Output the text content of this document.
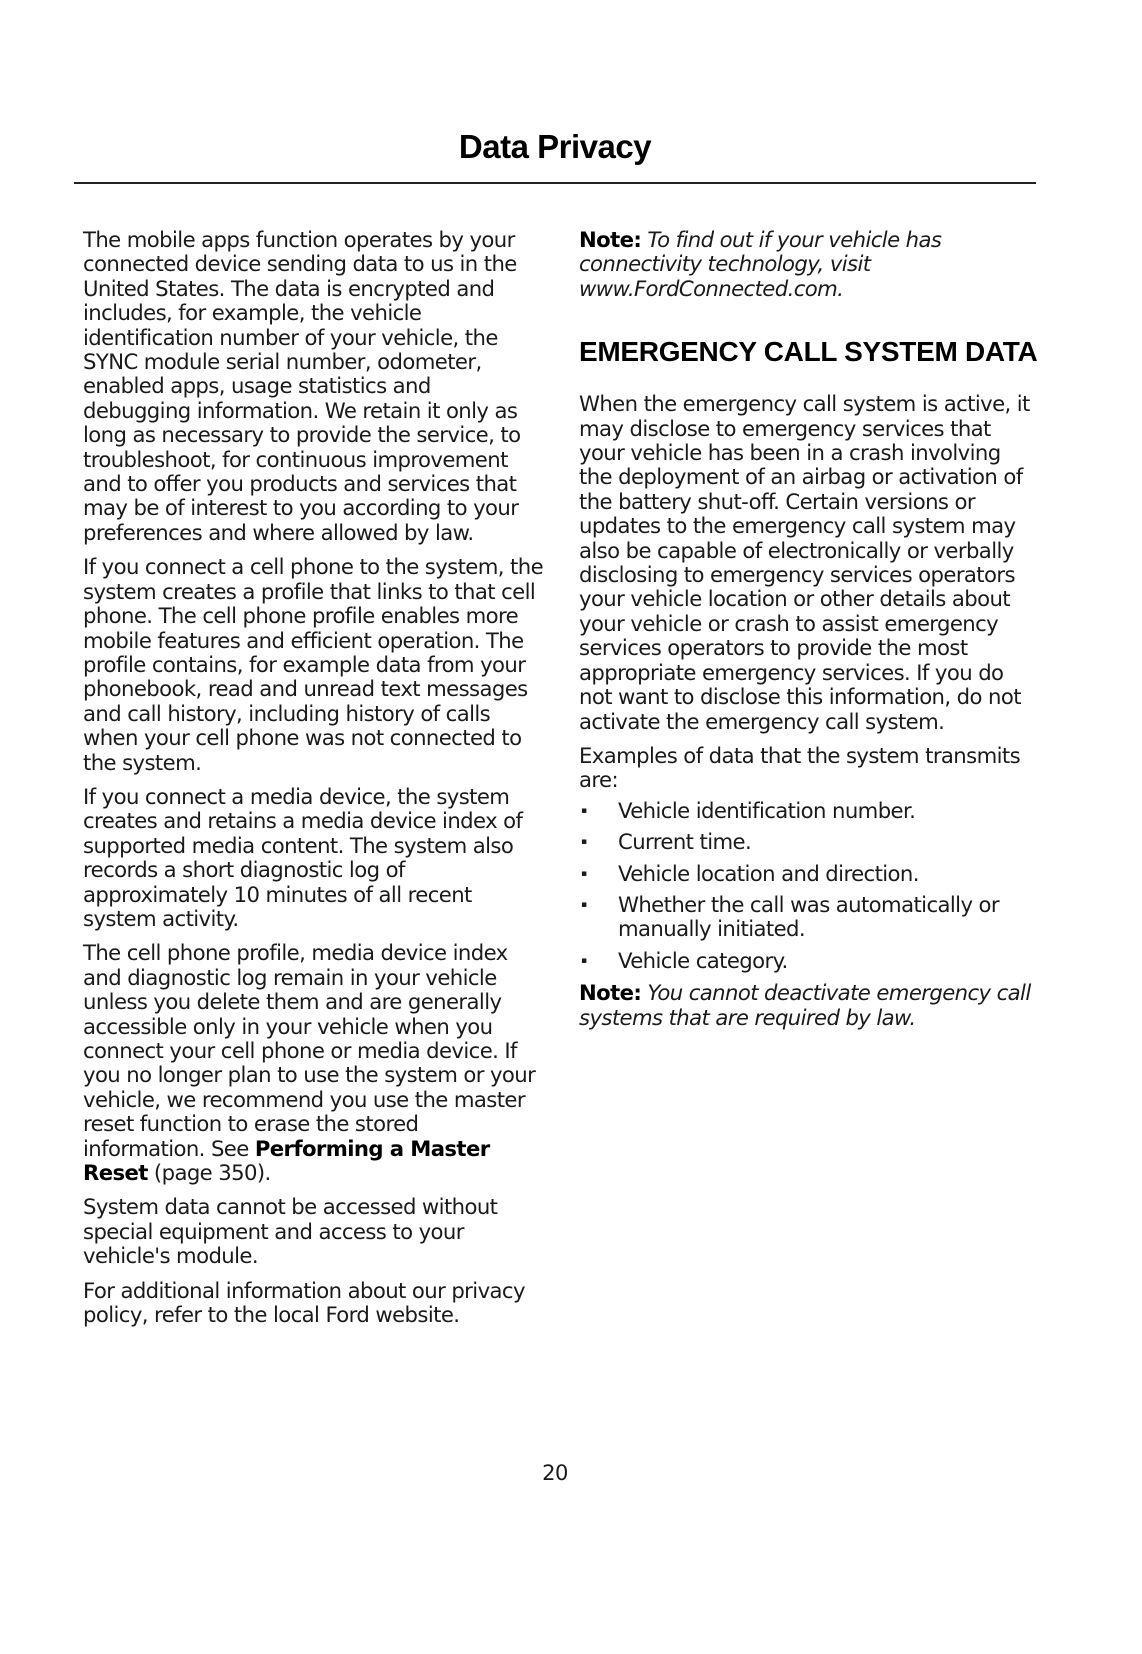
Data Privacy

The mobile apps function operates by your connected device sending data to us in the United States. The data is encrypted and includes, for example, the vehicle identification number of your vehicle, the SYNC module serial number, odometer, enabled apps, usage statistics and debugging information. We retain it only as long as necessary to provide the service, to troubleshoot, for continuous improvement and to offer you products and services that may be of interest to you according to your preferences and where allowed by law.

If you connect a cell phone to the system, the system creates a profile that links to that cell phone. The cell phone profile enables more mobile features and efficient operation. The profile contains, for example data from your phonebook, read and unread text messages and call history, including history of calls when your cell phone was not connected to the system.

If you connect a media device, the system creates and retains a media device index of supported media content. The system also records a short diagnostic log of approximately 10 minutes of all recent system activity.

The cell phone profile, media device index and diagnostic log remain in your vehicle unless you delete them and are generally accessible only in your vehicle when you connect your cell phone or media device. If you no longer plan to use the system or your vehicle, we recommend you use the master reset function to erase the stored information. See Performing a Master Reset (page 350).

System data cannot be accessed without special equipment and access to your vehicle's module.

For additional information about our privacy policy, refer to the local Ford website.

Note: To find out if your vehicle has connectivity technology, visit www.FordConnected.com.

EMERGENCY CALL SYSTEM DATA

When the emergency call system is active, it may disclose to emergency services that your vehicle has been in a crash involving the deployment of an airbag or activation of the battery shut-off. Certain versions or updates to the emergency call system may also be capable of electronically or verbally disclosing to emergency services operators your vehicle location or other details about your vehicle or crash to assist emergency services operators to provide the most appropriate emergency services. If you do not want to disclose this information, do not activate the emergency call system.

Examples of data that the system transmits are:

▪ Vehicle identification number.
▪ Current time.
▪ Vehicle location and direction.
▪ Whether the call was automatically or manually initiated.
▪ Vehicle category.

Note: You cannot deactivate emergency call systems that are required by law.

20
